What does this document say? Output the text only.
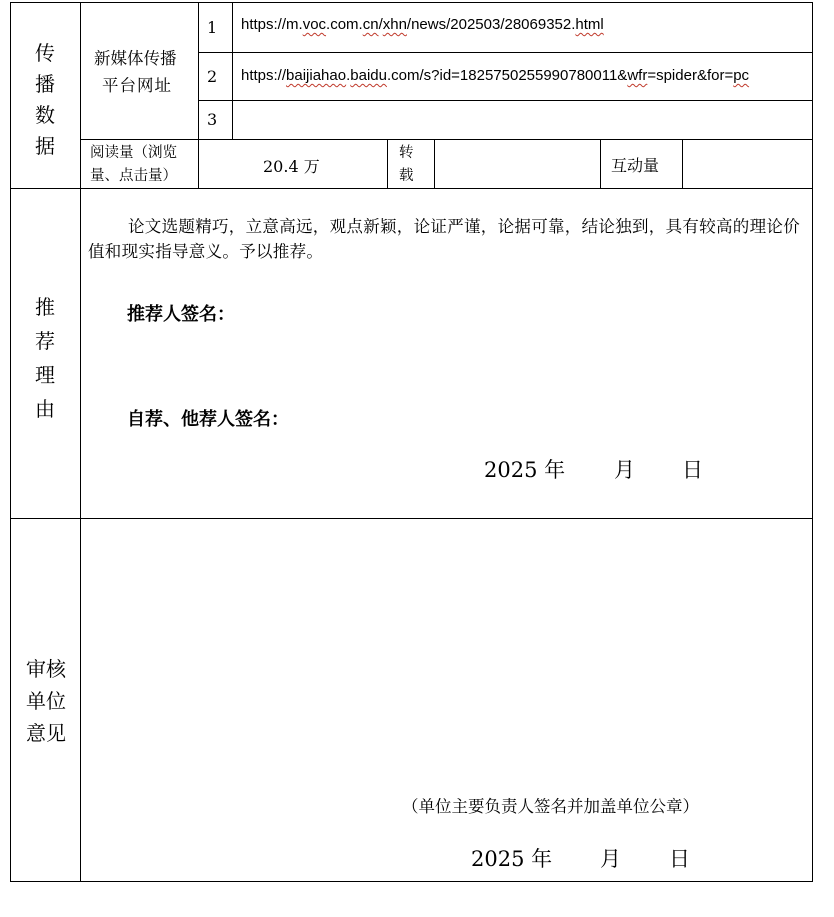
传
播
数
据
新媒体传播
平台网址
1
2
3
https://m.voc.com.cn/xhn/news/202503/28069352.html
https://baijiahao.baidu.com/s?id=1825750255990780011&wfr=spider&for=pc
阅读量（浏览
量、点击量）	20.4 万
转
载
互动量
推
荐
理
由
论文选题精巧，立意高远，观点新颖，论证严谨，论据可靠，结论独到，具有较高的理论价值和现实指导意义。予以推荐。
推荐人签名：
自荐、他荐人签名：
2025 年 月 日
审核
单位
意见
（单位主要负责人签名并加盖单位公章）
2025 年 月 日
